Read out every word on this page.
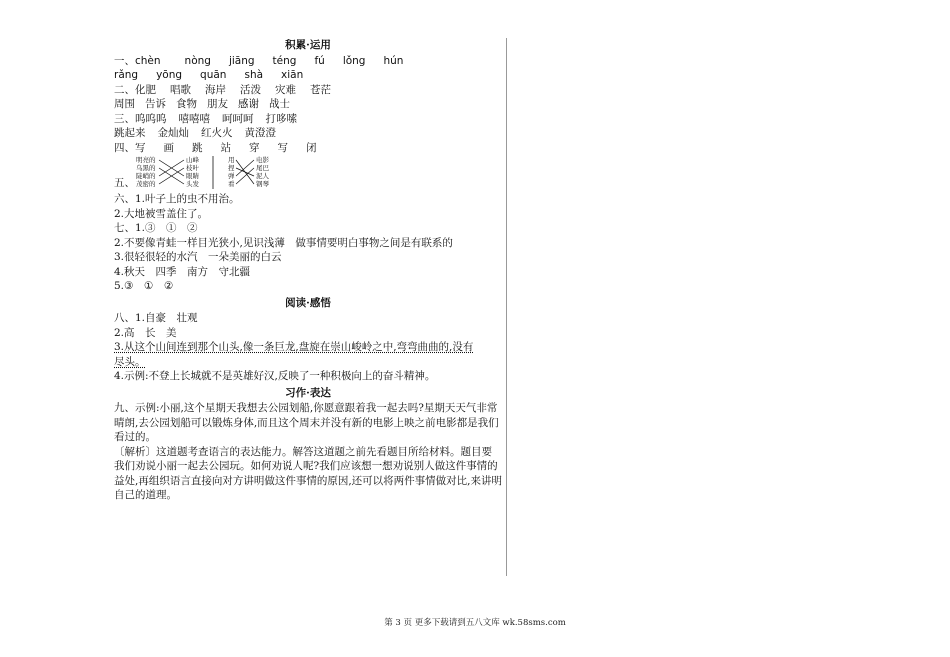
积累·运用
一、chèn nòng jiāng téng fú lǒng hún
rǎng yōng quān shà xiān
二、化肥 唱歌 海岸 活泼 灾难 苍茫
周围 告诉 食物 朋友 感谢 战士
三、呜呜呜 嘻嘻嘻 呵呵呵 打哆嗦
跳起来 金灿灿 红火火 黄澄澄
四、写 画 跳 站 穿 写 闭
五、
明亮的
乌黑的
陡峭的
茂密的
山峰
枝叶
眼睛
头发
用
捏
弹
看
电影
尾巴
泥人
钢琴
六、1.叶子上的虫不用治。
2.大地被雪盖住了。
七、1.③　①　②
2.不要像青蛙一样目光狭小,见识浅薄　做事情要明白事物之间是有联系的
3.很轻很轻的水汽　一朵美丽的白云
4.秋天　四季　南方　守北疆
5.③　①　②
阅读·感悟
八、1.自豪　壮观
2.高　长　美
3.从这个山间连到那个山头,像一条巨龙,盘旋在崇山峻岭之中,弯弯曲曲的,没有
尽头。
4.示例:不登上长城就不是英雄好汉,反映了一种积极向上的奋斗精神。
习作·表达
九、示例:小丽,这个星期天我想去公园划船,你愿意跟着我一起去吗?星期天天气非常晴朗,去公园划船可以锻炼身体,而且这个周末并没有新的电影上映之前电影都是我们看过的。
〔解析〕这道题考查语言的表达能力。解答这道题之前先看题目所给材料。题目要我们劝说小丽一起去公园玩。如何劝说人呢?我们应该想一想劝说别人做这件事情的益处,再组织语言直接向对方讲明做这件事情的原因,还可以将两件事情做对比,来讲明自己的道理。
第 3 页 更多下载请到五八文库 wk.58sms.com
